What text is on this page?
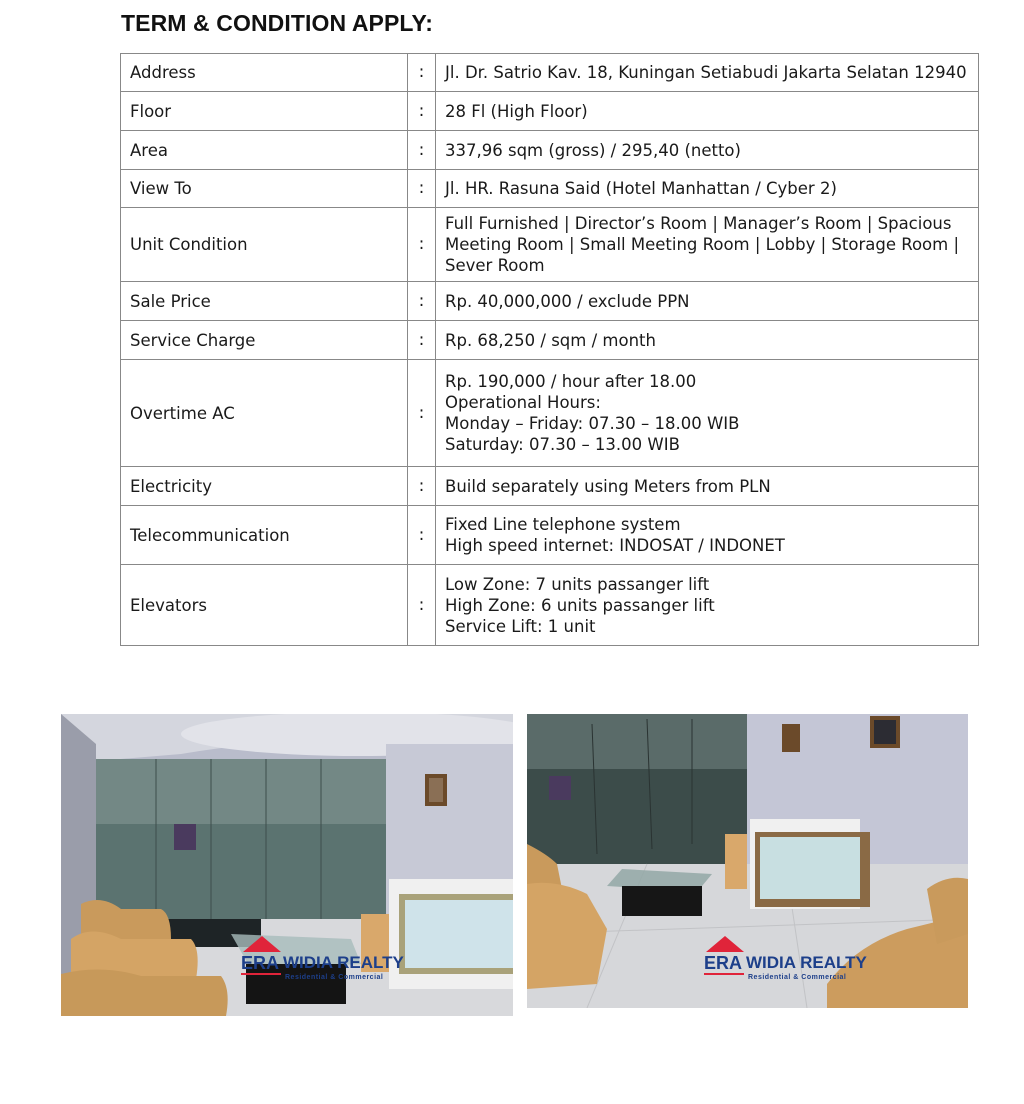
TERM & CONDITION APPLY:
Address	:	Jl. Dr. Satrio Kav. 18, Kuningan Setiabudi Jakarta Selatan 12940

Floor	:	28 Fl (High Floor)

Area	:	337,96 sqm (gross) / 295,40 (netto)

View To	:	Jl. HR. Rasuna Said (Hotel Manhattan / Cyber 2)

Unit Condition	:	Full Furnished | Director’s Room | Manager’s Room | Spacious
Meeting Room | Small Meeting Room | Lobby | Storage Room |
Sever Room

Sale Price	:	Rp. 40,000,000 / exclude PPN

Service Charge	:	Rp. 68,250 / sqm / month

Overtime AC	:	Rp. 190,000 / hour after 18.00
Operational Hours:
Monday – Friday: 07.30 – 18.00 WIB
Saturday: 07.30 – 13.00 WIB

Electricity	:	Build separately using Meters from PLN

Telecommunication	:	Fixed Line telephone system
High speed internet: INDOSAT / INDONET

Elevators	:	Low Zone: 7 units passanger lift
High Zone: 6 units passanger lift
Service Lift: 1 unit
ERA WIDIA REALTY
Residential & Commercial
ERA WIDIA REALTY
Residential & Commercial
